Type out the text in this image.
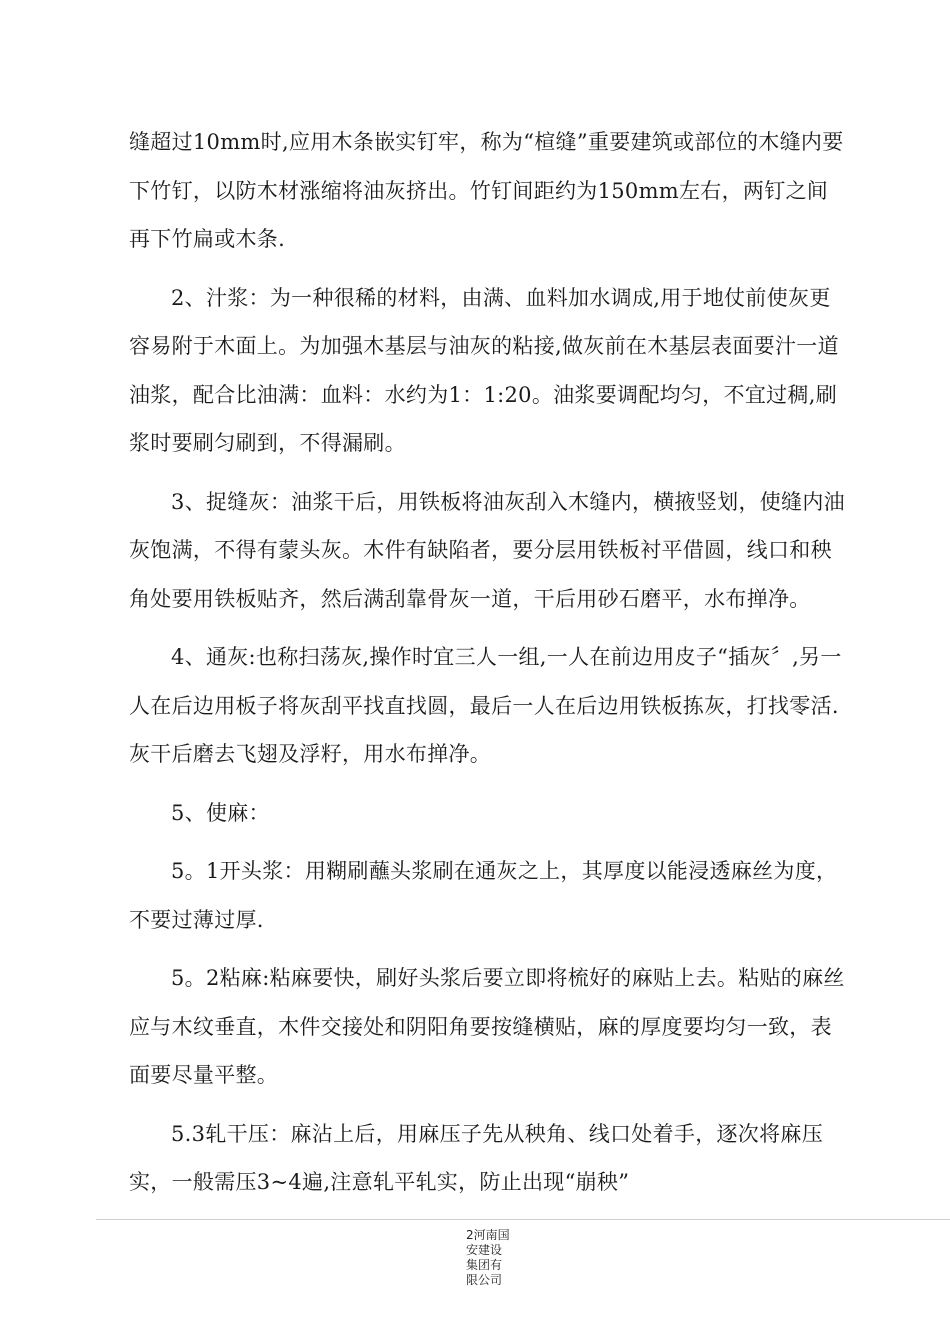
缝超过10mm时,应用木条嵌实钉牢，称为“楦缝”重要建筑或部位的木缝内要下竹钉，以防木材涨缩将油灰挤出。竹钉间距约为150mm左右，两钉之间再下竹扁或木条.

2、汁浆：为一种很稀的材料，由满、血料加水调成,用于地仗前使灰更容易附于木面上。为加强木基层与油灰的粘接,做灰前在木基层表面要汁一道油浆，配合比油满：血料：水约为1：1:20。油浆要调配均匀，不宜过稠,刷浆时要刷匀刷到，不得漏刷。

3、捉缝灰：油浆干后，用铁板将油灰刮入木缝内，横掖竖划，使缝内油灰饱满，不得有蒙头灰。木件有缺陷者，要分层用铁板衬平借圆，线口和秧角处要用铁板贴齐，然后满刮靠骨灰一道，干后用砂石磨平，水布掸净。

4、通灰:也称扫荡灰,操作时宜三人一组,一人在前边用皮子“插灰〞,另一人在后边用板子将灰刮平找直找圆，最后一人在后边用铁板拣灰，打找零活.灰干后磨去飞翅及浮籽，用水布掸净。

5、使麻：

5。1开头浆：用糊刷蘸头浆刷在通灰之上，其厚度以能浸透麻丝为度，不要过薄过厚.

5。2粘麻:粘麻要快，刷好头浆后要立即将梳好的麻贴上去。粘贴的麻丝应与木纹垂直，木件交接处和阴阳角要按缝横贴，麻的厚度要均匀一致，表面要尽量平整。

5.3轧干压：麻沾上后，用麻压子先从秧角、线口处着手，逐次将麻压实，一般需压3~4遍,注意轧平轧实，防止出现“崩秧”

2河南国安建设集团有限公司
